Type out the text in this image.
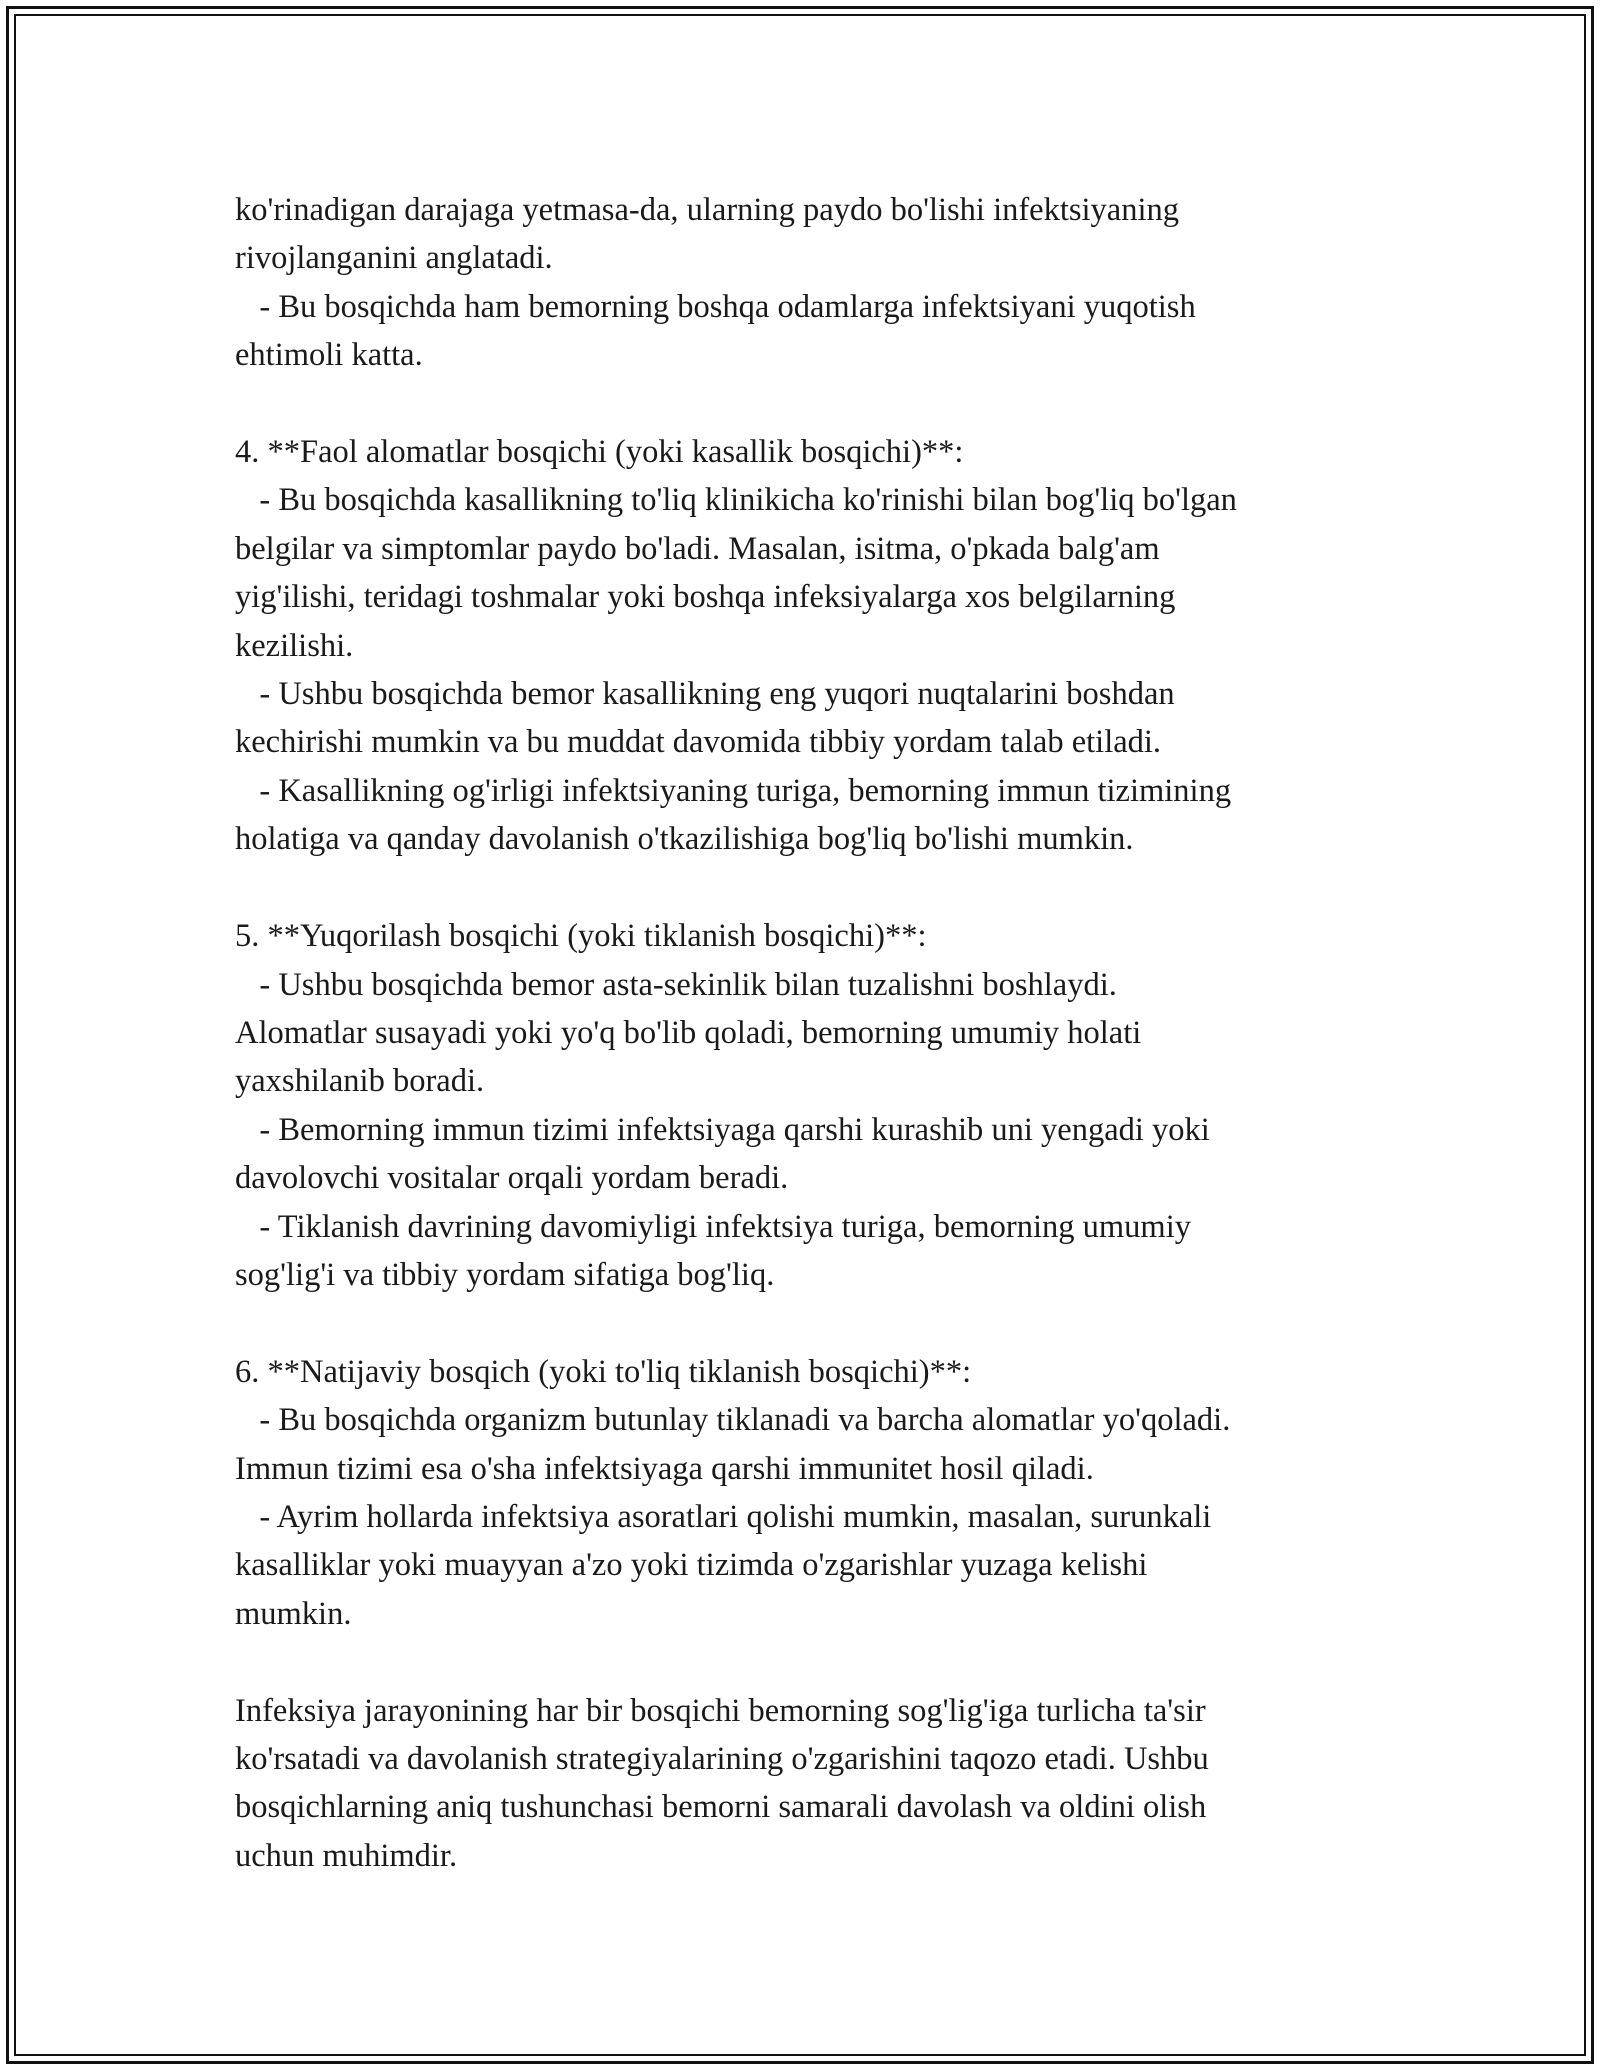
ko'rinadigan darajaga yetmasa-da, ularning paydo bo'lishi infektsiyaning
rivojlanganini anglatadi.
- Bu bosqichda ham bemorning boshqa odamlarga infektsiyani yuqotish
ehtimoli katta.

4. **Faol alomatlar bosqichi (yoki kasallik bosqichi)**:
- Bu bosqichda kasallikning to'liq klinikicha ko'rinishi bilan bog'liq bo'lgan
belgilar va simptomlar paydo bo'ladi. Masalan, isitma, o'pkada balg'am
yig'ilishi, teridagi toshmalar yoki boshqa infeksiyalarga xos belgilarning
kezilishi.
- Ushbu bosqichda bemor kasallikning eng yuqori nuqtalarini boshdan
kechirishi mumkin va bu muddat davomida tibbiy yordam talab etiladi.
- Kasallikning og'irligi infektsiyaning turiga, bemorning immun tizimining
holatiga va qanday davolanish o'tkazilishiga bog'liq bo'lishi mumkin.

5. **Yuqorilash bosqichi (yoki tiklanish bosqichi)**:
- Ushbu bosqichda bemor asta-sekinlik bilan tuzalishni boshlaydi.
Alomatlar susayadi yoki yo'q bo'lib qoladi, bemorning umumiy holati
yaxshilanib boradi.
- Bemorning immun tizimi infektsiyaga qarshi kurashib uni yengadi yoki
davolovchi vositalar orqali yordam beradi.
- Tiklanish davrining davomiyligi infektsiya turiga, bemorning umumiy
sog'lig'i va tibbiy yordam sifatiga bog'liq.

6. **Natijaviy bosqich (yoki to'liq tiklanish bosqichi)**:
- Bu bosqichda organizm butunlay tiklanadi va barcha alomatlar yo'qoladi.
Immun tizimi esa o'sha infektsiyaga qarshi immunitet hosil qiladi.
- Ayrim hollarda infektsiya asoratlari qolishi mumkin, masalan, surunkali
kasalliklar yoki muayyan a'zo yoki tizimda o'zgarishlar yuzaga kelishi
mumkin.

Infeksiya jarayonining har bir bosqichi bemorning sog'lig'iga turlicha ta'sir
ko'rsatadi va davolanish strategiyalarining o'zgarishini taqozo etadi. Ushbu
bosqichlarning aniq tushunchasi bemorni samarali davolash va oldini olish
uchun muhimdir.
